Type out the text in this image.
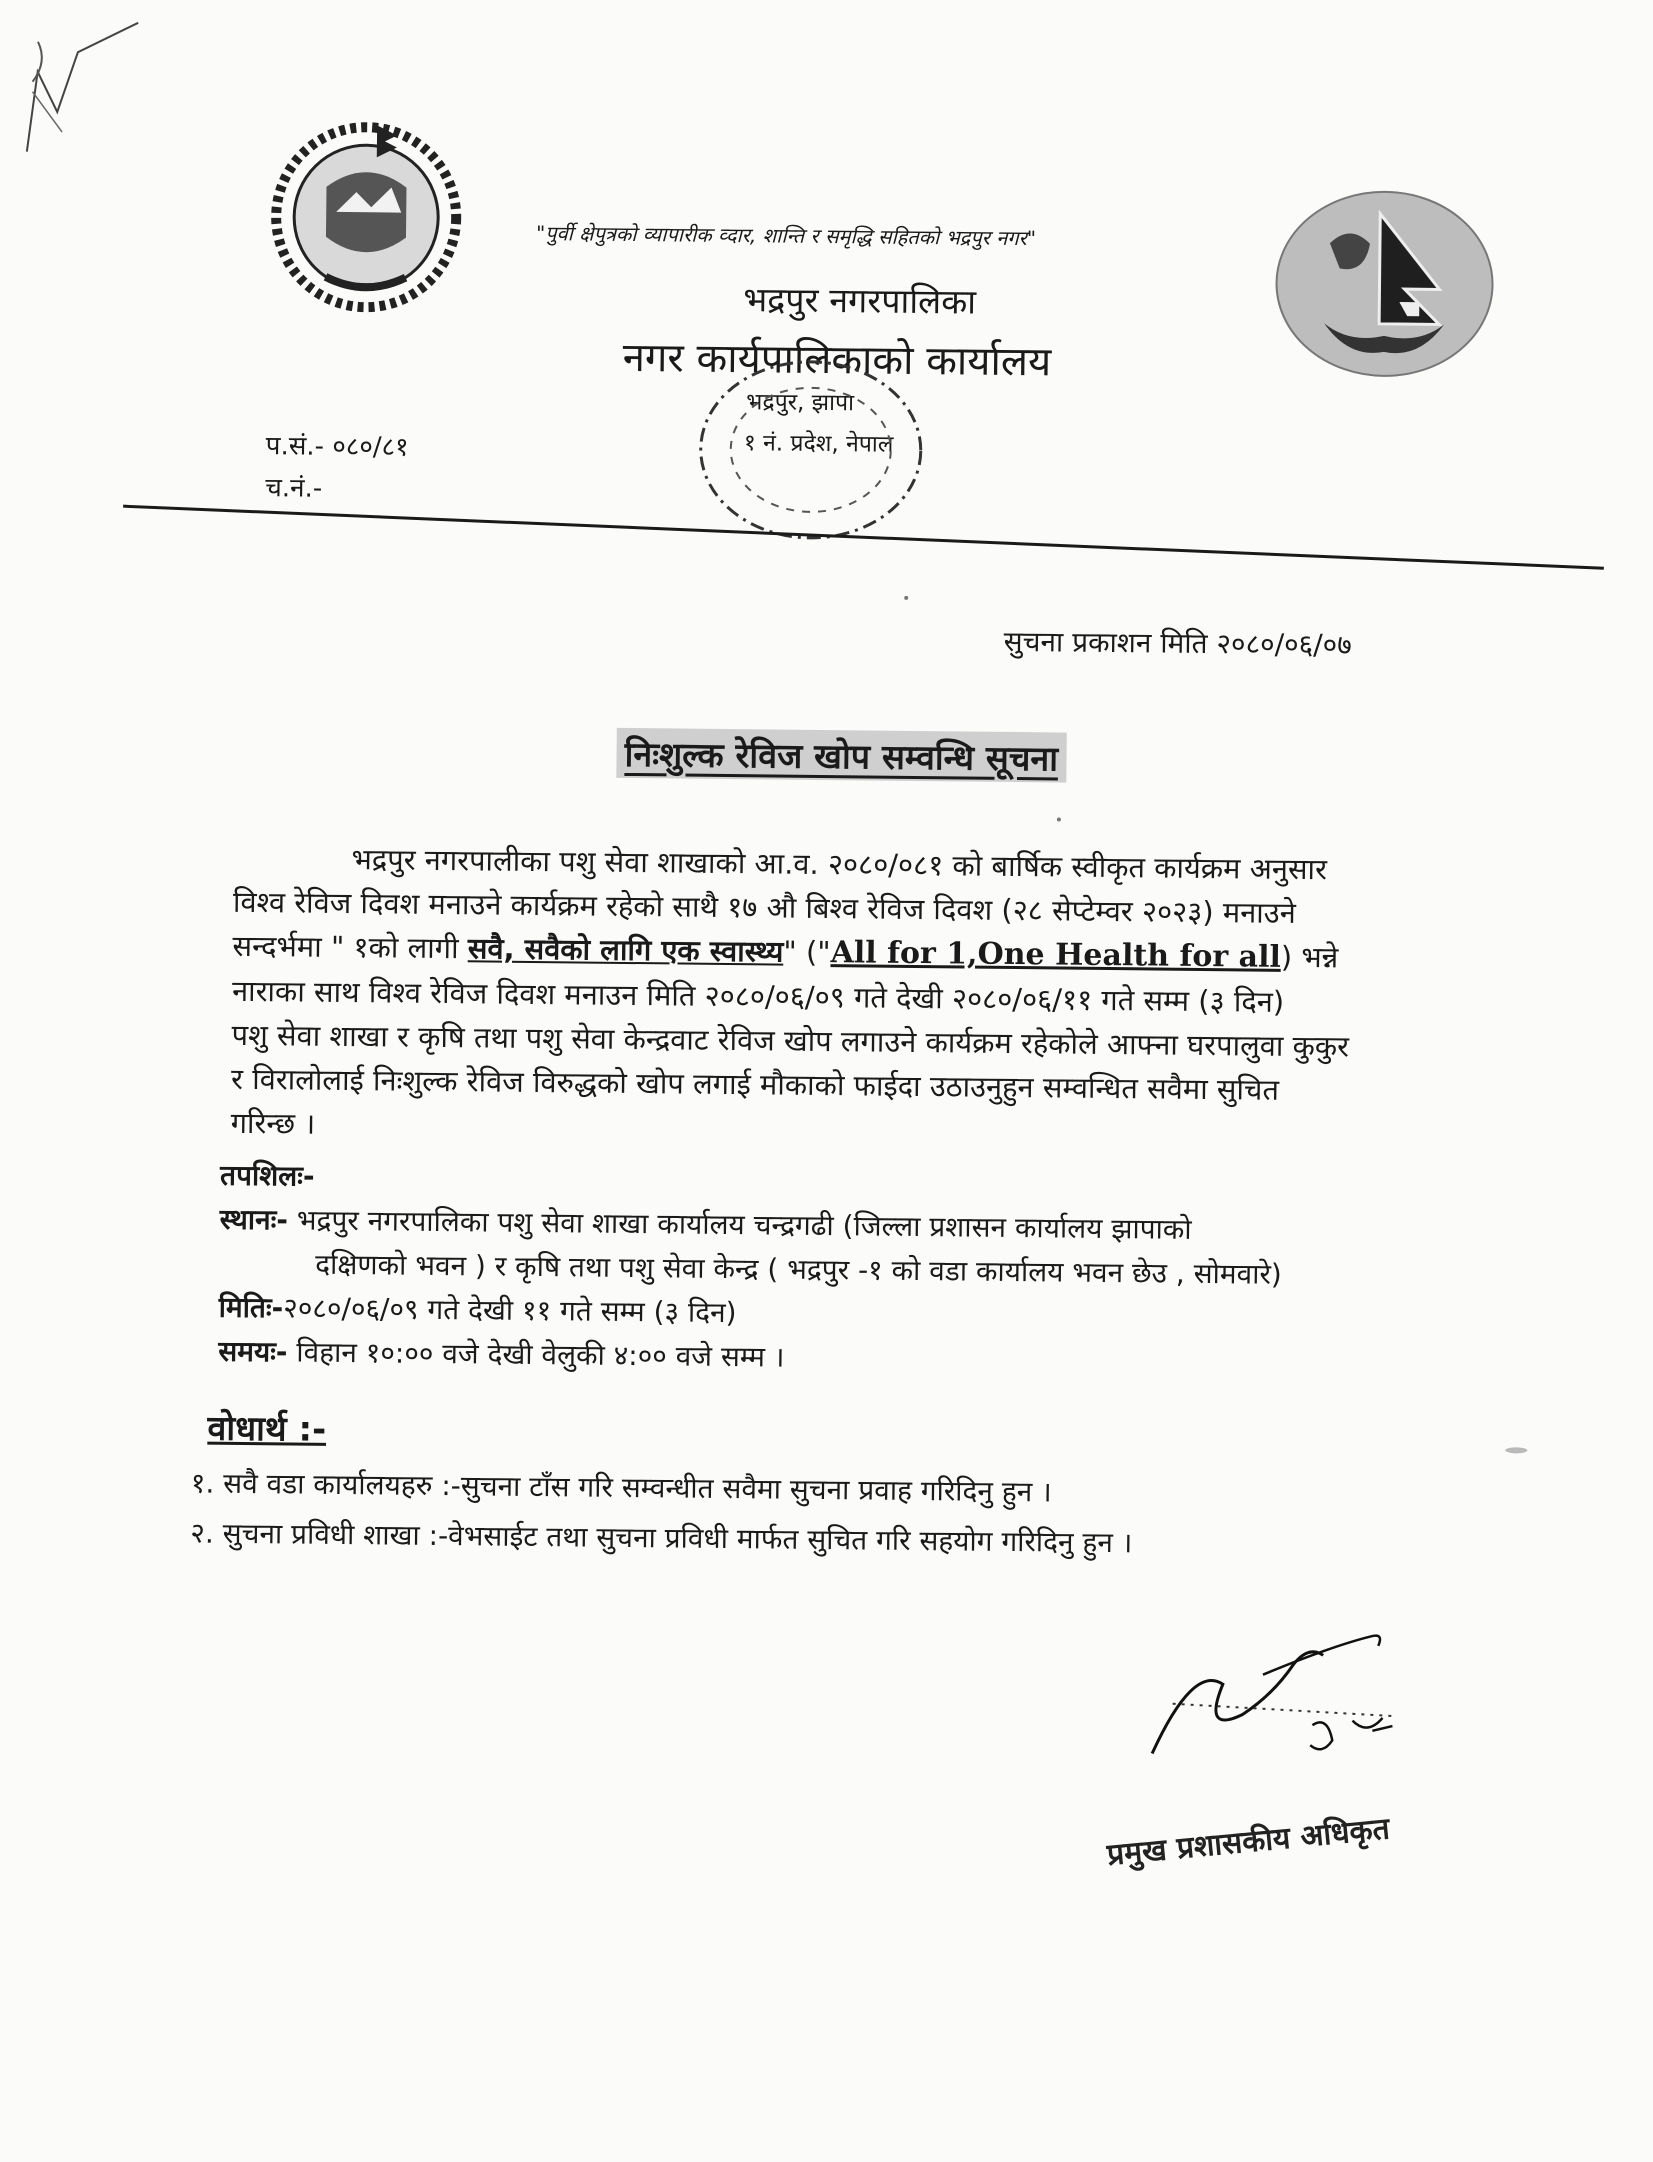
"पुर्वी क्षेपुत्रको व्यापारीक व्दार, शान्ति र समृद्धि सहितको भद्रपुर नगर"
भद्रपुर नगरपालिका
नगर कार्यपालिकाको कार्यालय
भद्रपुर, झापा
१ नं. प्रदेश, नेपाल
प.सं.- ०८०/८१
च.नं.-
सुचना प्रकाशन मिति २०८०/०६/०७
निःशुल्क रेविज खोप सम्वन्धि सूचना
भद्रपुर नगरपालीका पशु सेवा शाखाको आ.व. २०८०/०८१ को बार्षिक स्वीकृत कार्यक्रम अनुसार
विश्व रेविज दिवश मनाउने कार्यक्रम रहेको साथै १७ औ बिश्व रेविज दिवश (२८ सेप्टेम्वर २०२३) मनाउने
सन्दर्भमा " १को लागी सवै, सवैको लागि एक स्वास्थ्य" ("All for 1,One Health for all) भन्ने
नाराका साथ विश्व रेविज दिवश मनाउन मिति २०८०/०६/०९ गते देखी २०८०/०६/११ गते सम्म (३ दिन)
पशु सेवा शाखा र कृषि तथा पशु सेवा केन्द्रवाट रेविज खोप लगाउने कार्यक्रम रहेकोले आफ्ना घरपालुवा कुकुर
र विरालोलाई निःशुल्क रेविज विरुद्धको खोप लगाई मौकाको फाईदा उठाउनुहुन सम्वन्धित सवैमा सुचित
गरिन्छ ।
तपशिलः-
स्थानः- भद्रपुर नगरपालिका पशु सेवा शाखा कार्यालय चन्द्रगढी (जिल्ला प्रशासन कार्यालय झापाको
दक्षिणको भवन ) र कृषि तथा पशु सेवा केन्द्र ( भद्रपुर -१ को वडा कार्यालय भवन छेउ , सोमवारे)
मितिः-२०८०/०६/०९ गते देखी ११ गते सम्म (३ दिन)
समयः- विहान १०:०० वजे देखी वेलुकी ४:०० वजे सम्म ।
वोधार्थ :-
१. सवै वडा कार्यालयहरु :-सुचना टाँस गरि सम्वन्धीत सवैमा सुचना प्रवाह गरिदिनु हुन ।
२. सुचना प्रविधी शाखा :-वेभसाईट तथा सुचना प्रविधी मार्फत सुचित गरि सहयोग गरिदिनु हुन ।
प्रमुख प्रशासकीय अधिकृत
